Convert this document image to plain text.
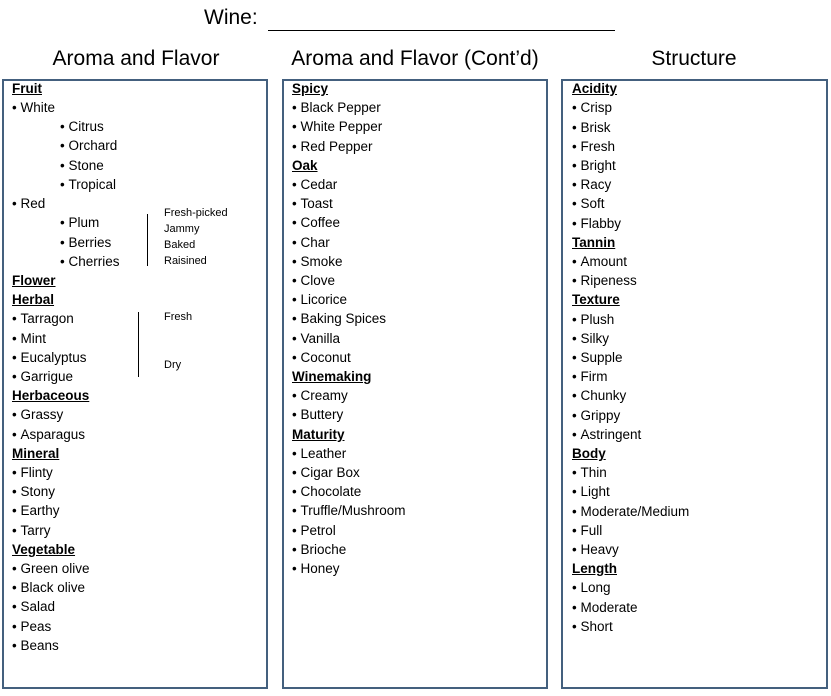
Wine:
Aroma and Flavor	Aroma and Flavor (Cont’d)	Structure
Fruit
• White
• Citrus
• Orchard
• Stone
• Tropical
• Red
• Plum
• Berries
• Cherries
Fresh-picked
Jammy
Baked
Raisined
Flower
Herbal
• Tarragon
• Mint
• Eucalyptus
• Garrigue
Fresh
Dry
Herbaceous
• Grassy
• Asparagus
Mineral
• Flinty
• Stony
• Earthy
• Tarry
Vegetable
• Green olive
• Black olive
• Salad
• Peas
• Beans
Spicy
• Black Pepper
• White Pepper
• Red Pepper
Oak
• Cedar
• Toast
• Coffee
• Char
• Smoke
• Clove
• Licorice
• Baking Spices
• Vanilla
• Coconut
Winemaking
• Creamy
• Buttery
Maturity
• Leather
• Cigar Box
• Chocolate
• Truffle/Mushroom
• Petrol
• Brioche
• Honey
Acidity
• Crisp
• Brisk
• Fresh
• Bright
• Racy
• Soft
• Flabby
Tannin
• Amount
• Ripeness
Texture
• Plush
• Silky
• Supple
• Firm
• Chunky
• Grippy
• Astringent
Body
• Thin
• Light
• Moderate/Medium
• Full
• Heavy
Length
• Long
• Moderate
• Short
